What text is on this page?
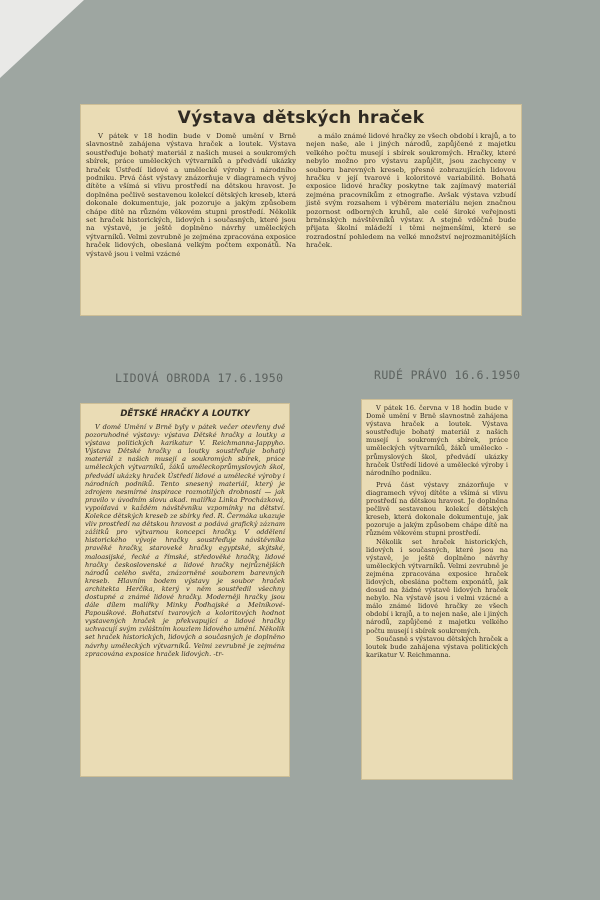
Výstava dětských hraček

V pátek v 18 hodin bude v Domě umění v Brně slavnostně zahájena výstava hraček a loutek. Výstava soustřeďuje bohatý materiál z našich musei a soukromých sbírek, práce uměleckých výtvarníků a předvádí ukázky hraček Ústředí lidové a umělecké výroby i národního podniku. Prvá část výstavy znázorňuje v diagramech vývoj dítěte a všímá si vlivu prostředí na dětskou hravost. Je doplněna pečlivě sestavenou kolekcí dětských kreseb, která dokonale dokumentuje, jak pozoruje a jakým způsobem chápe dítě na různém věkovém stupni prostředí. Několik set hraček historických, lidových i současných, které jsou na výstavě, je ještě doplněno návrhy uměleckých výtvarníků. Velmi zevrubně je zejména zpracována exposice hraček lidových, obeslaná velkým počtem exponátů. Na výstavě jsou i velmi vzácné

a málo známé lidové hračky ze všech období i krajů, a to nejen naše, ale i jiných národů, zapůjčené z majetku velkého počtu musejí i sbírek soukromých. Hračky, které nebylo možno pro výstavu zapůjčit, jsou zachyceny v souboru barevných kreseb, přesně zobrazujících lidovou hračku v její tvarové i koloritové variabilitě. Bohatá exposice lidové hračky poskytne tak zajímavý materiál zejména pracovníkům z etnografie. Avšak výstava vzbudí jistě svým rozsahem i výběrem materiálu nejen značnou pozornost odborných kruhů, ale celé široké veřejnosti brněnských návštěvníků výstav. A stejně vděčně bude přijata školní mládeží i těmi nejmenšími, které se rozradostní pohledem na velké množství nejrozmanitějších hraček.

LIDOVÁ OBRODA 17.6.1950	RUDÉ PRÁVO 16.6.1950
DĚTSKÉ HRAČKY A LOUTKY

V domě Umění v Brně byly v pátek večer otevřeny dvě pozoruhodné výstavy: výstava Dětské hračky a loutky a výstava politických karikatur V. Reichmanna-Jappyho. Výstava Dětské hračky a loutky soustřeďuje bohatý materiál z našich musejí a soukromých sbírek, práce uměleckých výtvarníků, žáků uměleckoprůmyslových škol, předvádí ukázky hraček Ústředí lidové a umělecké výroby i národních podniků. Tento snesený materiál, který je zdrojem nesmírné inspirace rozmotilých drobností — jak pravilo v úvodním slovu akad. malířka Linka Procházková, vypoídavá v každém návštěvníku vzpomínky na dětství. Kolekce dětských kreseb ze sbírky řed. R. Čermáka ukazuje vliv prostředí na dětskou hravost a podává grafický záznam zážitků pro výtvarnou koncepci hračky. V oddělení historického vývoje hračky soustřeďuje návštěvníka pravěké hračky, staroveké hračky egyptské, skýtské, maloasijské, řecké a římské, středověké hračky, lidové hračky československé a lidové hračky nejrůznějších národů celého světa, znázorněné souborem barevných kreseb. Hlavním bodem výstavy je soubor hraček architekta Herčíka, který v něm soustředil všechny dostupné a známé lidové hračky. Moderněji hračky jsou dále dílem malířky Minky Podhajské a Melníkové-Papouškové. Bohatství tvarových a koloritových hodnot vystavených hraček je překvapující a lidové hračky uchvacují svým zvláštním kouzlem lidového umění. Několik set hraček historických, lidových a současných je doplněno návrhy uměleckých výtvarníků. Velmi zevrubně je zejména zpracována exposice hraček lidových. -tr-

V pátek 16. června v 18 hodin bude v Domě umění v Brně slavnostně zahájena výstava hraček a loutek. Výstava soustřeďuje bohatý materiál z našich musejí i soukromých sbírek, práce uměleckých výtvarníků, žáků umělecko - průmyslových škol, předvádí ukázky hraček Ústředí lidové a umělecké výroby i národního podniku.

Prvá část výstavy znázorňuje v diagramech vývoj dítěte a všímá si vlivu prostředí na dětskou hravost. Je doplněna pečlivě sestavenou kolekcí dětských kreseb, která dokonale dokumentuje, jak pozoruje a jakým způsobem chápe dítě na různém věkovém stupni prostředí.

Několik set hraček historických, lidových i současných, které jsou na výstavě, je ještě doplněno návrhy uměleckých výtvarníků. Velmi zevrubně je zejména zpracována exposice hraček lidových, obeslána počtem exponátů, jak dosud na žádné výstavě lidových hraček nebylo. Na výstavě jsou i velmi vzácné a málo známé lidové hračky ze všech období i krajů, a to nejen naše, ale i jiných národů, zapůjčené z majetku velkého počtu musejí i sbírek soukromých.

Současně s výstavou dětských hraček a loutek bude zahájena výstava politických karikatur V. Reichmanna.
